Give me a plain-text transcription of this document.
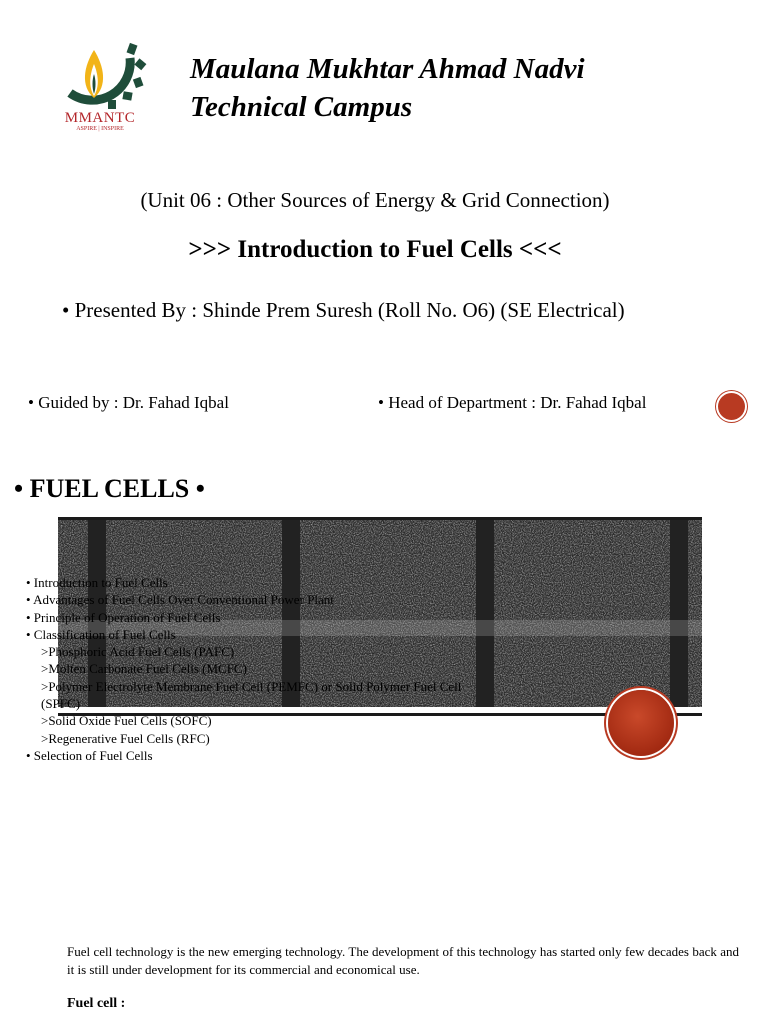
MMANTC
ASPIRE | INSPIRE
Maulana Mukhtar Ahmad Nadvi
Technical Campus
(Unit 06 : Other Sources of Energy & Grid Connection)
>>> Introduction to Fuel Cells <<<
• Presented By : Shinde Prem Suresh (Roll No. O6) (SE Electrical)
• Guided by : Dr. Fahad Iqbal	• Head of Department : Dr. Fahad Iqbal
• FUEL CELLS •
• Introduction to Fuel Cells
• Advantages of Fuel Cells Over Conventional Power Plant
• Principle of Operation of Fuel Cells
• Classification of Fuel Cells
>Phosphoric Acid Fuel Cells (PAFC)
>Molten Carbonate Fuel Cells (MCFC)
>Polymer Electrolyte Membrane Fuel Cell (PEMFC) or Solid Polymer Fuel Cell
(SPFC)
>Solid Oxide Fuel Cells (SOFC)
>Regenerative Fuel Cells (RFC)
• Selection of Fuel Cells
Fuel cell technology is the new emerging technology. The development of this technology has started only few decades back and it is still under development for its commercial and economical use.
Fuel cell :
